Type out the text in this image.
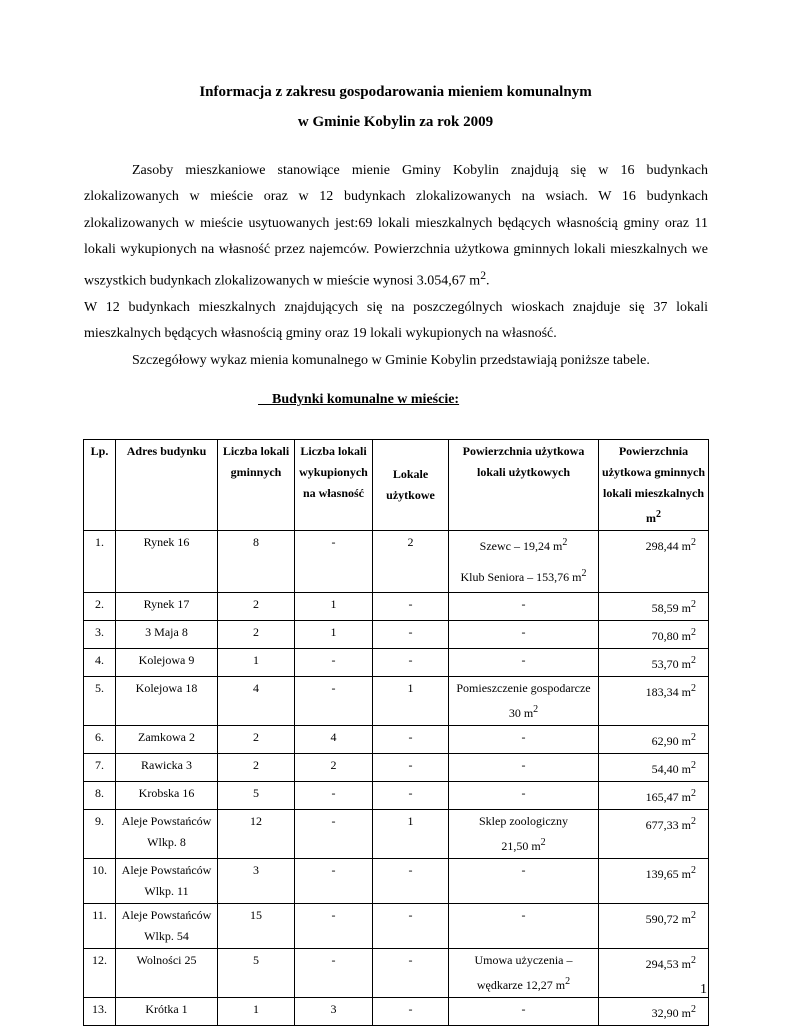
Informacja z zakresu gospodarowania mieniem komunalnym
w Gminie Kobylin za rok 2009

Zasoby mieszkaniowe stanowiące mienie Gminy Kobylin znajdują się w 16 budynkach zlokalizowanych w mieście oraz w 12 budynkach zlokalizowanych na wsiach. W 16 budynkach zlokalizowanych w mieście usytuowanych jest:69 lokali mieszkalnych będących własnością gminy oraz 11 lokali wykupionych na własność przez najemców. Powierzchnia użytkowa gminnych lokali mieszkalnych we wszystkich budynkach zlokalizowanych w mieście wynosi 3.054,67 $m^2$.

W 12 budynkach mieszkalnych znajdujących się na poszczególnych wioskach znajduje się 37 lokali mieszkalnych będących własnością gminy oraz 19 lokali wykupionych na własność.

Szczegółowy wykaz mienia komunalnego w Gminie Kobylin przedstawiają poniższe tabele.

Budynki komunalne w mieście:
Lp.	Adres budynku	Liczba lokali gminnych	Liczba lokali wykupionych na własność	Lokale użytkowe	Powierzchnia użytkowa lokali użytkowych	Powierzchnia użytkowa gminnych lokali mieszkalnych $m^2$
1.	Rynek 16	8	-	2	Szewc – 19,24 $m^2$
Klub Seniora – 153,76 $m^2$	298,44 $m^2$
2.	Rynek 17	2	1	-	-	58,59 $m^2$
3.	3 Maja 8	2	1	-	-	70,80 $m^2$
4.	Kolejowa 9	1	-	-	-	53,70 $m^2$
5.	Kolejowa 18	4	-	1	Pomieszczenie gospodarcze
30 $m^2$	183,34 $m^2$
6.	Zamkowa 2	2	4	-	-	62,90 $m^2$
7.	Rawicka 3	2	2	-	-	54,40 $m^2$
8.	Krobska 16	5	-	-	-	165,47 $m^2$
9.	Aleje Powstańców
Wlkp. 8	12	-	1	Sklep zoologiczny
21,50 $m^2$	677,33 $m^2$
10.	Aleje Powstańców
Wlkp. 11	3	-	-	-	139,65 $m^2$
11.	Aleje Powstańców
Wlkp. 54	15	-	-	-	590,72 $m^2$
12.	Wolności 25	5	-	-	Umowa użyczenia –
wędkarze 12,27 $m^2$	294,53 $m^2$
13.	Krótka 1	1	3	-	-	32,90 $m^2$
1
